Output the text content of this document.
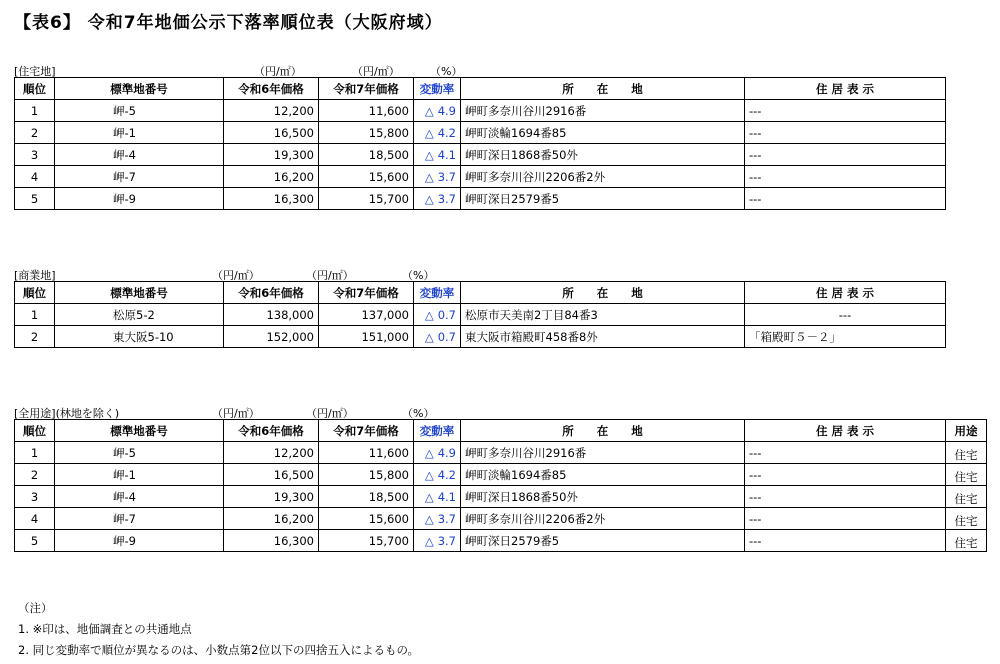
【表6】 令和7年地価公示下落率順位表（大阪府域）
[住宅地]	（円/㎡）	（円/㎡）	（%）
順位	標準地番号	令和6年価格	令和7年価格	変動率	所　　在　　地	住 居 表 示
1	岬-5	12,200	11,600	△ 4.9	岬町多奈川谷川2916番	---
2	岬-1	16,500	15,800	△ 4.2	岬町淡輪1694番85	---
3	岬-4	19,300	18,500	△ 4.1	岬町深日1868番50外	---
4	岬-7	16,200	15,600	△ 3.7	岬町多奈川谷川2206番2外	---
5	岬-9	16,300	15,700	△ 3.7	岬町深日2579番5	---
[商業地]	（円/㎡）	（円/㎡）	（%）
順位	標準地番号	令和6年価格	令和7年価格	変動率	所　　在　　地	住 居 表 示
1	松原5-2	138,000	137,000	△ 0.7	松原市天美南2丁目84番3	---
2	東大阪5-10	152,000	151,000	△ 0.7	東大阪市箱殿町458番8外	「箱殿町５－２」
[全用途](林地を除く)	（円/㎡）	（円/㎡）	（%）
順位	標準地番号	令和6年価格	令和7年価格	変動率	所　　在　　地	住 居 表 示	用途
1	岬-5	12,200	11,600	△ 4.9	岬町多奈川谷川2916番	---	住宅
2	岬-1	16,500	15,800	△ 4.2	岬町淡輪1694番85	---	住宅
3	岬-4	19,300	18,500	△ 4.1	岬町深日1868番50外	---	住宅
4	岬-7	16,200	15,600	△ 3.7	岬町多奈川谷川2206番2外	---	住宅
5	岬-9	16,300	15,700	△ 3.7	岬町深日2579番5	---	住宅
（注）
1. ※印は、地価調査との共通地点
2. 同じ変動率で順位が異なるのは、小数点第2位以下の四捨五入によるもの。
